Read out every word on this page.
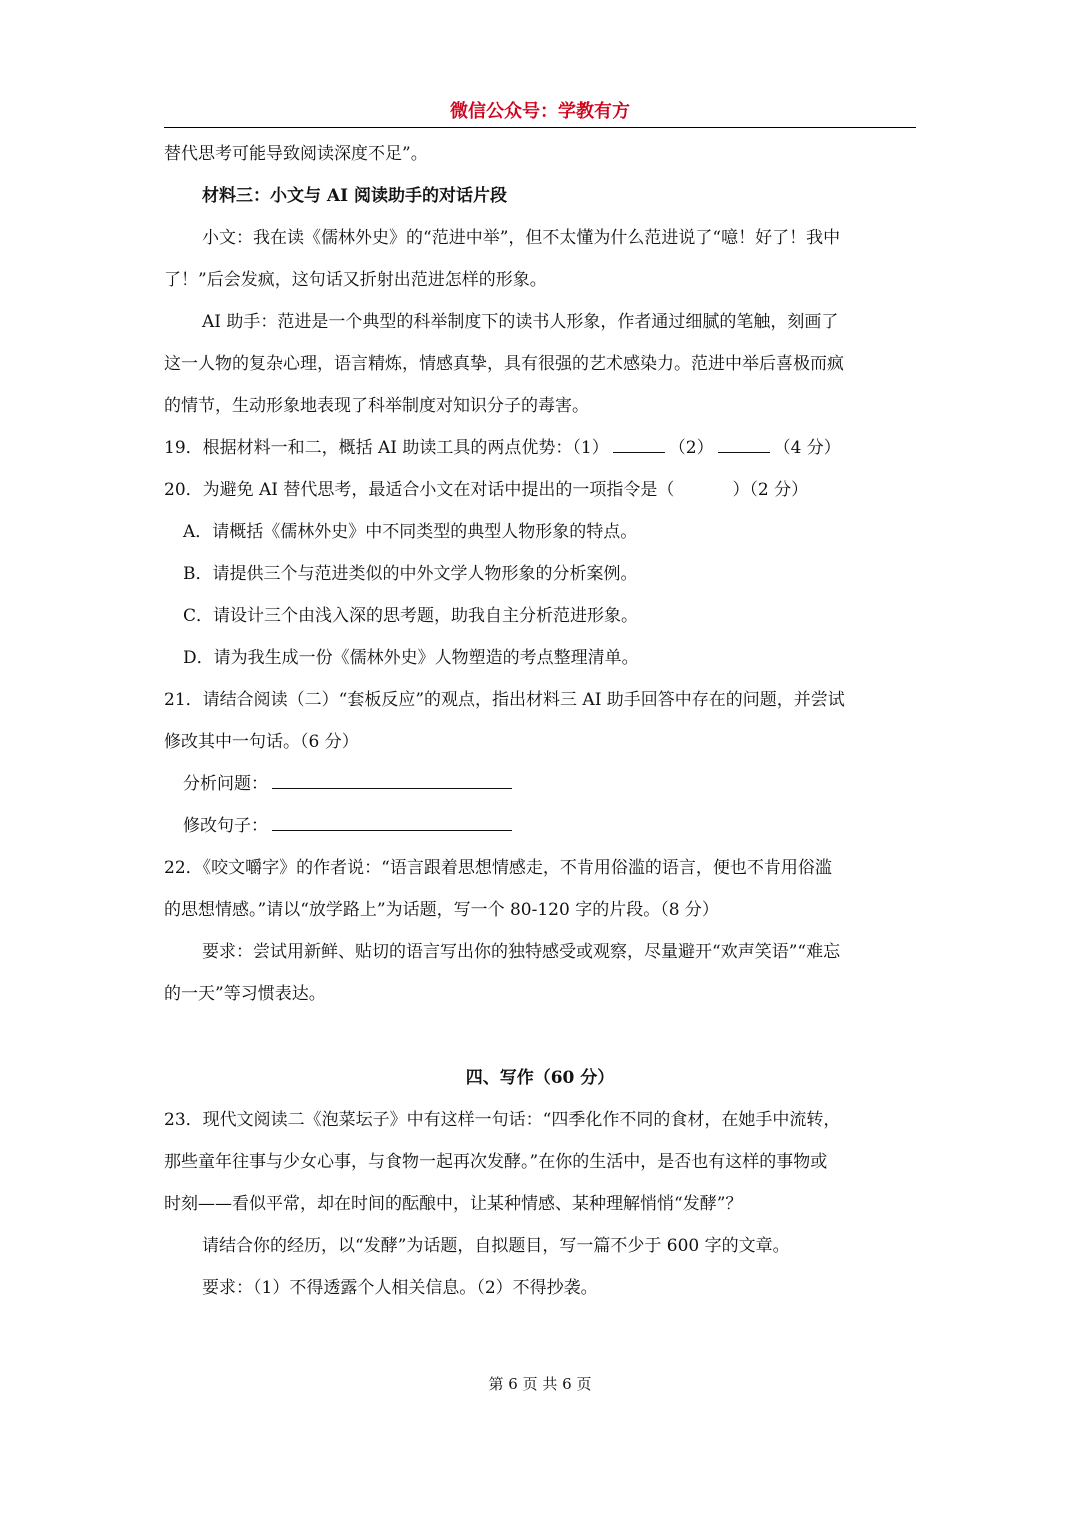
微信公众号：学教有方
替代思考可能导致阅读深度不足”。
材料三：小文与 AI 阅读助手的对话片段
小文：我在读《儒林外史》的“范进中举”，但不太懂为什么范进说了“噫！好了！我中
了！”后会发疯，这句话又折射出范进怎样的形象。
AI 助手：范进是一个典型的科举制度下的读书人形象，作者通过细腻的笔触，刻画了
这一人物的复杂心理，语言精炼，情感真挚，具有很强的艺术感染力。范进中举后喜极而疯
的情节，生动形象地表现了科举制度对知识分子的毒害。
19．根据材料一和二，概括 AI 助读工具的两点优势：（1）	（2）	（4 分）
20．为避免 AI 替代思考，最适合小文在对话中提出的一项指令是（	）（2 分）
A．请概括《儒林外史》中不同类型的典型人物形象的特点。
B．请提供三个与范进类似的中外文学人物形象的分析案例。
C．请设计三个由浅入深的思考题，助我自主分析范进形象。
D．请为我生成一份《儒林外史》人物塑造的考点整理清单。
21．请结合阅读（二）“套板反应”的观点，指出材料三 AI 助手回答中存在的问题，并尝试
修改其中一句话。（6 分）
分析问题：
修改句子：
22．《咬文嚼字》的作者说：“语言跟着思想情感走，不肯用俗滥的语言，便也不肯用俗滥
的思想情感。”请以“放学路上”为话题，写一个 80-120 字的片段。（8 分）
要求：尝试用新鲜、贴切的语言写出你的独特感受或观察，尽量避开“欢声笑语”“难忘
的一天”等习惯表达。
四、写作（60 分）
23．现代文阅读二《泡菜坛子》中有这样一句话：“四季化作不同的食材，在她手中流转，
那些童年往事与少女心事，与食物一起再次发酵。”在你的生活中，是否也有这样的事物或
时刻——看似平常，却在时间的酝酿中，让某种情感、某种理解悄悄“发酵”？
请结合你的经历，以“发酵”为话题，自拟题目，写一篇不少于 600 字的文章。
要求：（1）不得透露个人相关信息。（2）不得抄袭。
第 6 页 共 6 页
